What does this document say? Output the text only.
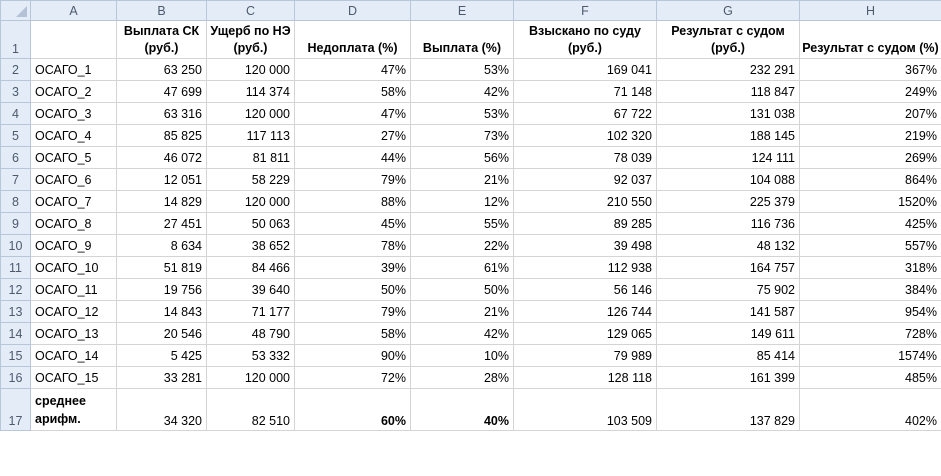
	A	B	C	D	E	F	G	H
1		Выплата СК (руб.)	Ущерб по НЭ (руб.)	Недоплата (%)	Выплата (%)	Взыскано по суду (руб.)	Результат с судом (руб.)	Результат с судом (%)
2	ОСАГО_1	63 250	120 000	47%	53%	169 041	232 291	367%
3	ОСАГО_2	47 699	114 374	58%	42%	71 148	118 847	249%
4	ОСАГО_3	63 316	120 000	47%	53%	67 722	131 038	207%
5	ОСАГО_4	85 825	117 113	27%	73%	102 320	188 145	219%
6	ОСАГО_5	46 072	81 811	44%	56%	78 039	124 111	269%
7	ОСАГО_6	12 051	58 229	79%	21%	92 037	104 088	864%
8	ОСАГО_7	14 829	120 000	88%	12%	210 550	225 379	1520%
9	ОСАГО_8	27 451	50 063	45%	55%	89 285	116 736	425%
10	ОСАГО_9	8 634	38 652	78%	22%	39 498	48 132	557%
11	ОСАГО_10	51 819	84 466	39%	61%	112 938	164 757	318%
12	ОСАГО_11	19 756	39 640	50%	50%	56 146	75 902	384%
13	ОСАГО_12	14 843	71 177	79%	21%	126 744	141 587	954%
14	ОСАГО_13	20 546	48 790	58%	42%	129 065	149 611	728%
15	ОСАГО_14	5 425	53 332	90%	10%	79 989	85 414	1574%
16	ОСАГО_15	33 281	120 000	72%	28%	128 118	161 399	485%
17	среднее арифм.	34 320	82 510	60%	40%	103 509	137 829	402%
